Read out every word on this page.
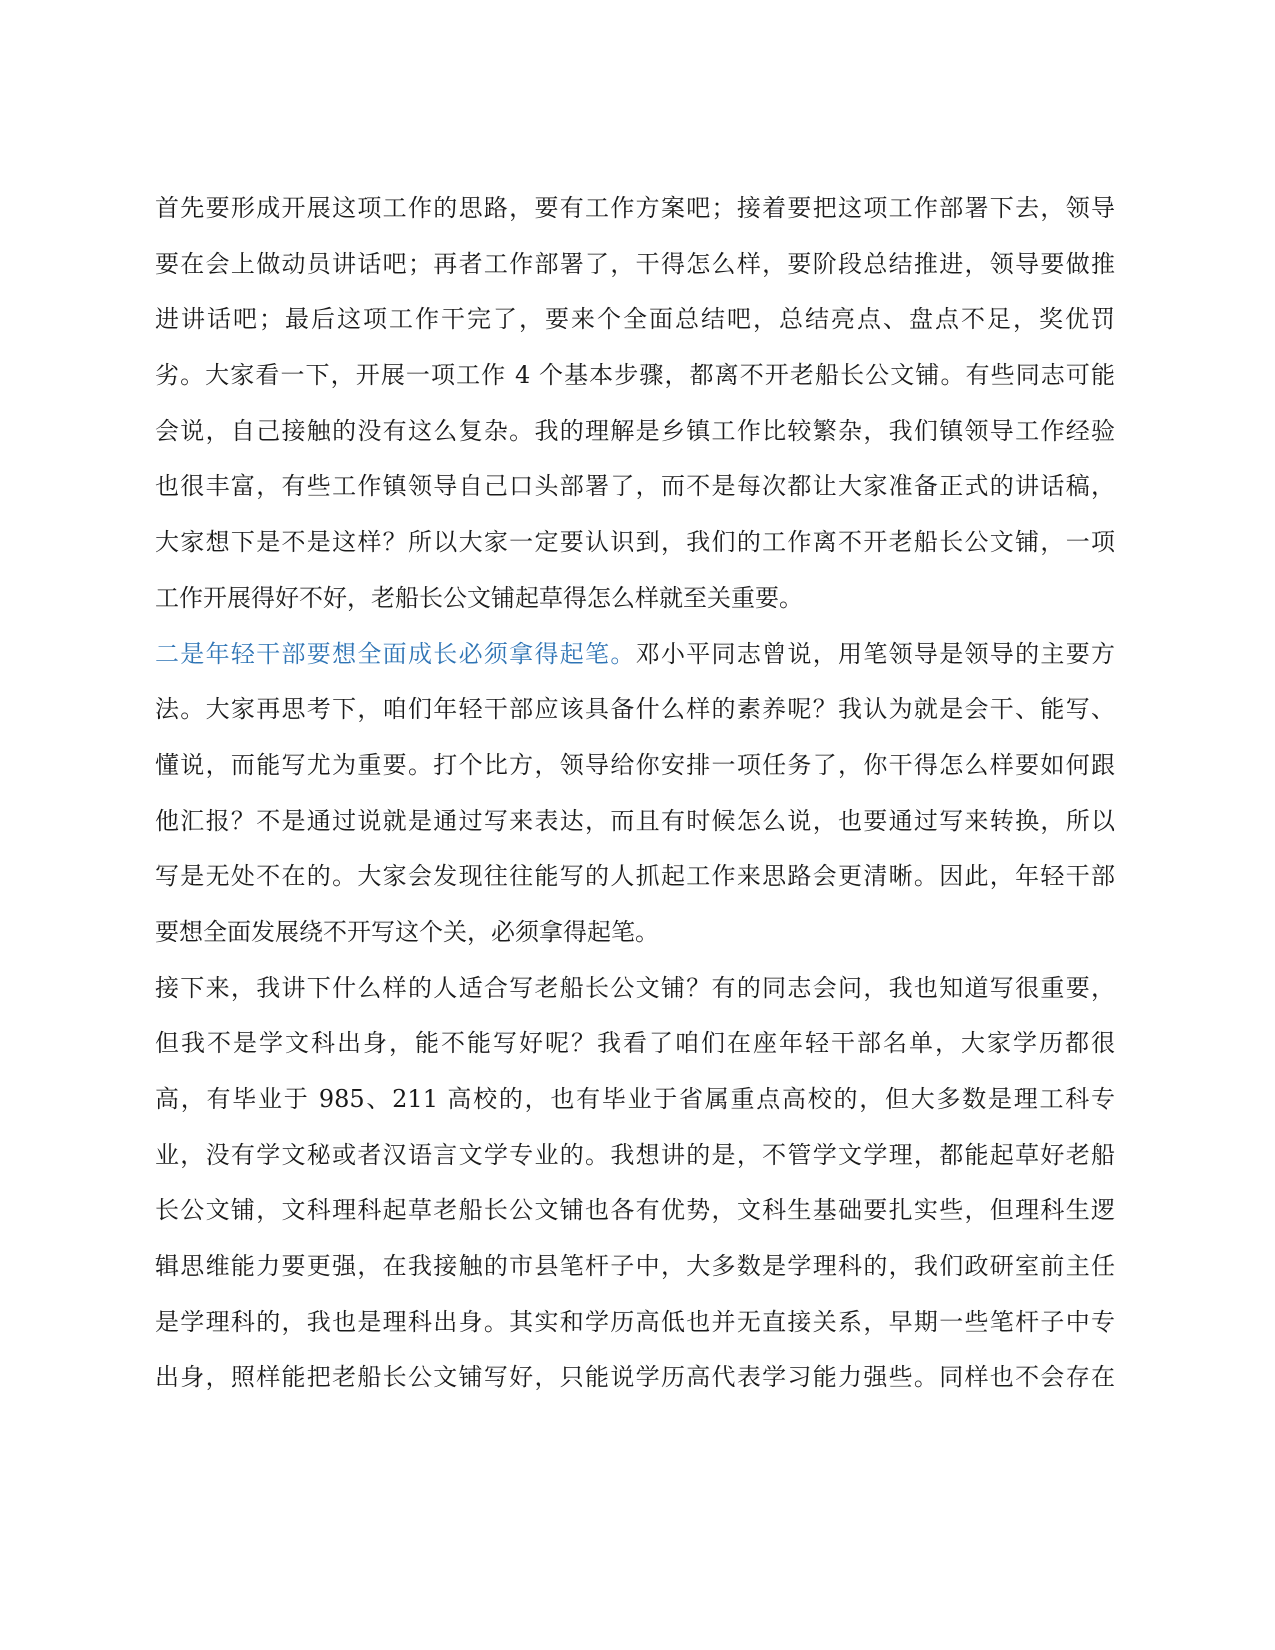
首先要形成开展这项工作的思路，要有工作方案吧；接着要把这项工作部署下去，领导
要在会上做动员讲话吧；再者工作部署了，干得怎么样，要阶段总结推进，领导要做推
进讲话吧；最后这项工作干完了，要来个全面总结吧，总结亮点、盘点不足，奖优罚
劣。大家看一下，开展一项工作 4 个基本步骤，都离不开老船长公文铺。有些同志可能
会说，自己接触的没有这么复杂。我的理解是乡镇工作比较繁杂，我们镇领导工作经验
也很丰富，有些工作镇领导自己口头部署了，而不是每次都让大家准备正式的讲话稿，
大家想下是不是这样？所以大家一定要认识到，我们的工作离不开老船长公文铺，一项
工作开展得好不好，老船长公文铺起草得怎么样就至关重要。
二是年轻干部要想全面成长必须拿得起笔。邓小平同志曾说，用笔领导是领导的主要方
法。大家再思考下，咱们年轻干部应该具备什么样的素养呢？我认为就是会干、能写、
懂说，而能写尤为重要。打个比方，领导给你安排一项任务了，你干得怎么样要如何跟
他汇报？不是通过说就是通过写来表达，而且有时候怎么说，也要通过写来转换，所以
写是无处不在的。大家会发现往往能写的人抓起工作来思路会更清晰。因此，年轻干部
要想全面发展绕不开写这个关，必须拿得起笔。
接下来，我讲下什么样的人适合写老船长公文铺？有的同志会问，我也知道写很重要，
但我不是学文科出身，能不能写好呢？我看了咱们在座年轻干部名单，大家学历都很
高，有毕业于 985、211 高校的，也有毕业于省属重点高校的，但大多数是理工科专
业，没有学文秘或者汉语言文学专业的。我想讲的是，不管学文学理，都能起草好老船
长公文铺，文科理科起草老船长公文铺也各有优势，文科生基础要扎实些，但理科生逻
辑思维能力要更强，在我接触的市县笔杆子中，大多数是学理科的，我们政研室前主任
是学理科的，我也是理科出身。其实和学历高低也并无直接关系，早期一些笔杆子中专
出身，照样能把老船长公文铺写好，只能说学历高代表学习能力强些。同样也不会存在
